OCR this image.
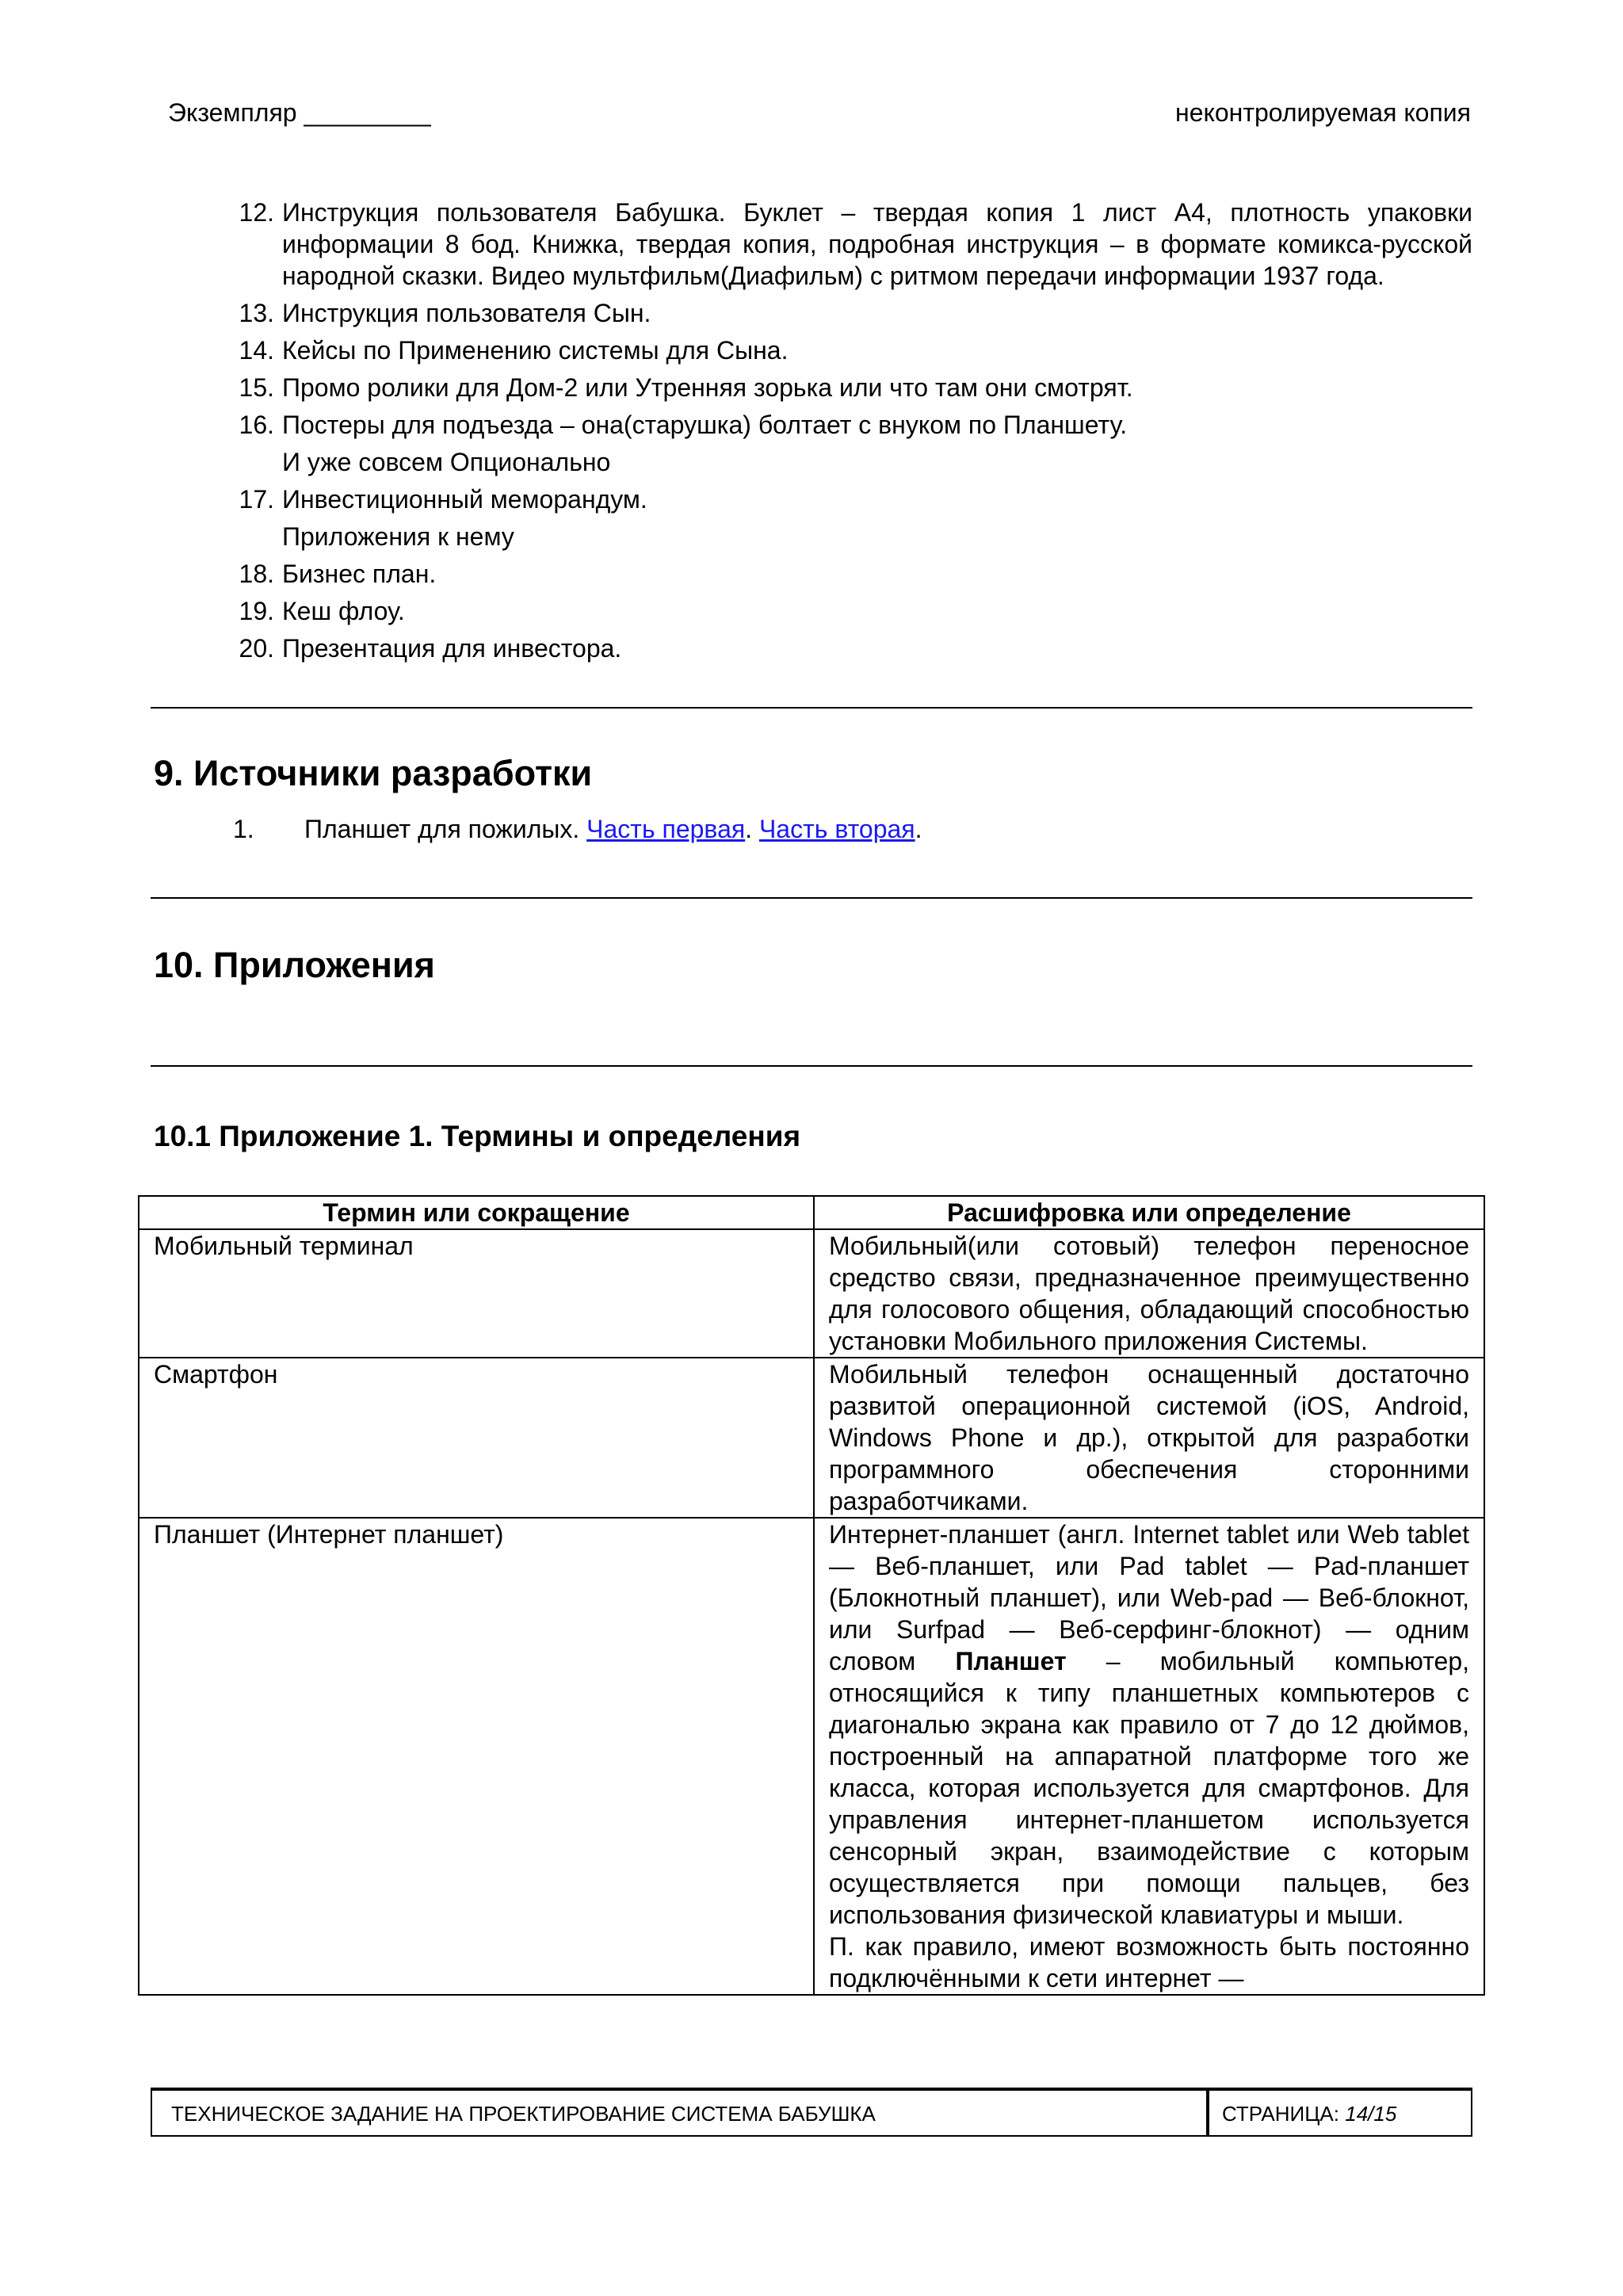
Экземпляр _________	неконтролируемая копия
12. Инструкция пользователя Бабушка. Буклет – твердая копия 1 лист А4, плотность упаковки информации 8 бод. Книжка, твердая копия, подробная инструкция – в формате комикса-русской народной сказки. Видео мультфильм(Диафильм) с ритмом передачи информации 1937 года.
13. Инструкция пользователя Сын.
14. Кейсы по Применению системы для Сына.
15. Промо ролики для Дом-2 или Утренняя зорька или что там они смотрят.
16. Постеры для подъезда – она(старушка) болтает с внуком по Планшету.
И уже совсем Опционально
17. Инвестиционный меморандум.
Приложения к нему
18. Бизнес план.
19. Кеш флоу.
20. Презентация для инвестора.
9. Источники разработки
1. Планшет для пожилых. Часть первая. Часть вторая.
10. Приложения
10.1 Приложение 1. Термины и определения
Термин или сокращение	Расшифровка или определение
Мобильный терминал	Мобильный(или сотовый) телефон переносное средство связи, предназначенное преимущественно для голосового общения, обладающий способностью установки Мобильного приложения Системы.
Смартфон	Мобильный телефон оснащенный достаточно развитой операционной системой (iOS, Android, Windows Phone и др.), открытой для разработки программного обеспечения сторонними разработчиками.
Планшет (Интернет планшет)	Интернет-планшет (англ. Internet tablet или Web tablet — Веб-планшет, или Pad tablet — Pad-планшет (Блокнотный планшет), или Web-pad — Веб-блокнот, или Surfpad — Веб-серфинг-блокнот) — одним словом Планшет – мобильный компьютер, относящийся к типу планшетных компьютеров с диагональю экрана как правило от 7 до 12 дюймов, построенный на аппаратной платформе того же класса, которая используется для смартфонов. Для управления интернет-планшетом используется сенсорный экран, взаимодействие с которым осуществляется при помощи пальцев, без использования физической клавиатуры и мыши.
П. как правило, имеют возможность быть постоянно подключёнными к сети интернет —
ТЕХНИЧЕСКОЕ ЗАДАНИЕ НА ПРОЕКТИРОВАНИЕ СИСТЕМА БАБУШКА	СТРАНИЦА: 14/15
